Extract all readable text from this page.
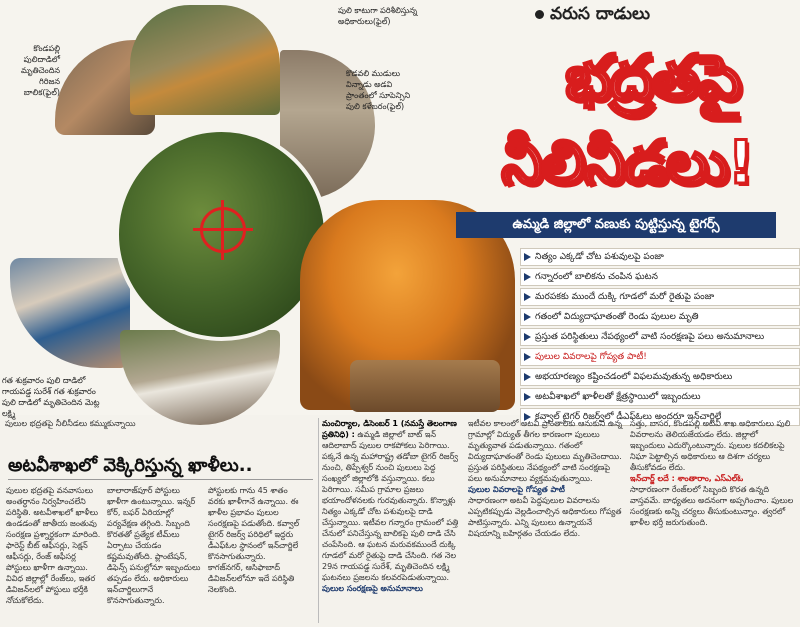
కొండపల్లి పులిదాడిలో మృతిచెందిన గిరిజన బాలిక(ఫైల్)
పులి కాటుగా పరిశీలిస్తున్న అధికారులు(ఫైల్)
కొడవలి ముడులు విన్నాడు అడవి ప్రాంతంలో సూపెన్సిని పులి కళేబరం(ఫైల్)
గత శుక్రవారం పులి దాడిలో గాయపడ్డ సురేశ్ గత శుక్రవారం పులి దాడిలో మృతిచెందిన మెట్ల లక్ష్మి
వరుస దాడులు
భద్రతపై
నీలినీడలు!
ఉమ్మడి జిల్లాలో వణుకు పుట్టిస్తున్న టైగర్స్
నిత్యం ఎక్కడో చోట పశువులపై పంజా
గన్నారంలో బాలికను చంపిన ఘటన
మరపకకు ముందే దుక్కి గూడలో మరో రైతుపై పంజా
గతంలో విద్యుదాఘాతంతో రెండు పులుల మృతి
ప్రస్తుత పరిస్థితులు నేపథ్యంలో వాటి సంరక్షణపై పలు అనుమానాలు
పులుల వివరాలపై గోప్యత పాటీ!
అభయారణ్యం కష్టించడంలో విఫలమవుతున్న అధికారులు
అటవీశాఖలో ఖాళీలతో క్షేత్రస్థాయిలో ఇబ్బందులు
కవ్వాల్ టైగర్ రిజర్వ్‌లో డీఎఫ్‌ఓలు అందరూ ఇన్‌చార్జిలే
పులుల భద్రతపై నీలినీడలు కమ్ముకున్నాయి
అటవీశాఖలో వెక్కిరిస్తున్న ఖాళీలు..
పులుల భద్రతపై వనవాసులు అంతర్ధానం నిర్వహించలేని పరిస్థితి. అటవీశాఖలో ఖాళీలు ఉండడంతో జాతీయ జంతువు సంరక్షణ ప్రశ్నార్థకంగా మారింది. ఫారెస్ట్ బీట్ ఆఫీసర్లు, సెక్షన్ ఆఫీసర్లు, రేంజ్ ఆఫీసర్ల పోస్టులు ఖాళీగా ఉన్నాయి. వివిధ జిల్లాల్లో రేంజ్‌లు, ఇతర డివిజన్‌లలో పోస్టులు భర్తీకి నోచుకోలేదు.
బాలారాజ్‌పూర్ పోస్టులు ఖాళీగా ఉంటున్నాయి. ఇన్నర్ కోర్, బఫర్ ఏరియాల్లో పర్యవేక్షణ తగ్గింది. సిబ్బంది కొరతతో ప్రత్యేక టీమ్‌లు ఏర్పాటు చేయడం కష్టమవుతోంది. ప్లాంటేషన్, డిఫెన్స్ పనుల్లోనూ ఇబ్బందులు తప్పడం లేదు. అధికారులు ఇన్‌చార్జిలుగానే కొనసాగుతున్నారు.
పోస్టులకు గాను 45 శాతం వరకు ఖాళీగానే ఉన్నాయి. ఈ ఖాళీల ప్రభావం పులుల సంరక్షణపై పడుతోంది. కవ్వాల్ టైగర్ రిజర్వ్ పరిధిలో ఇద్దరు డీఎఫ్‌ఓల స్థానంలో ఇన్‌చార్జిలే కొనసాగుతున్నారు. కాగజ్‌నగర్, ఆసిఫాబాద్ డివిజన్‌లలోనూ ఇదే పరిస్థితి నెలకొంది.
మంచిర్యాల, డిసెంబర్ 1 (నమస్తే తెలంగాణ ప్రతినిధి) : ఉమ్మడి జిల్లాలో బాట్ ఇన్ ఆదిలాబాద్ పులుల రాకపోకలు పెరిగాయి. పక్కనే ఉన్న మహారాష్ట్ర తడోబా టైగర్ రిజర్వ్ నుంచి, తిప్పేశ్వర్ నుంచి పులులు పెద్ద సంఖ్యలో జిల్లాలోకి వస్తున్నాయి. కలు పెరిగాయి. సమీప గ్రామాల ప్రజలు భయాందోళనలకు గురవుతున్నారు. కొన్నాళ్లు నిత్యం ఎక్కడో చోట పశువులపై దాడి చేస్తున్నాయి. ఇటీవల గన్నారం గ్రామంలో పత్తి చేనులో పనిచేస్తున్న బాలికపై పులి దాడి చేసి చంపేసింది. ఆ ఘటన మరువకముందే దుక్కి గూడలో మరో రైతుపై దాడి చేసింది. గత నెల 29న గాయపడ్డ సురేశ్, మృతిచెందిన లక్ష్మి ఘటనలు ప్రజలను కలవరపెడుతున్నాయి.
పులుల సంరక్షణపై అనుమానాలు
ఇటీవల కాలంలో అటవీ ప్రాంతాలకు ఆనుకుని ఉన్న గ్రామాల్లో విద్యుత్ తీగల కారణంగా పులులు మృత్యువాత పడుతున్నాయి. గతంలో విద్యుదాఘాతంతో రెండు పులులు మృతిచెందాయి. ప్రస్తుత పరిస్థితులు నేపథ్యంలో వాటి సంరక్షణపై పలు అనుమానాలు వ్యక్తమవుతున్నాయి.
పులుల వివరాలపై గోప్యత పాటీ
సాధారణంగా అటవీ పెద్దపులుల వివరాలను ఎప్పటికప్పుడు వెల్లడించాల్సిన అధికారులు గోప్యత పాటిస్తున్నారు. ఎన్ని పులులు ఉన్నాయనే విషయాన్ని బహిర్గతం చేయడం లేదు.
సత్తు, బాసర, కొండపల్లి అటవీ శాఖ అధికారులు పులి వివరాలను తెలియజేయడం లేదు. జిల్లాలో ఇబ్బందులు ఎదుర్కొంటున్నారు. పులుల కదలికలపై నిఘా పెట్టాల్సిన అధికారులు ఆ దిశగా చర్యలు తీసుకోవడం లేదు.
ఇన్‌చార్జ్ లదే : శాంతారాం, ఎస్ఎల్ఓ
సాధారణంగా రేంజ్‌లలో సిబ్బంది కొరత ఉన్నది వాస్తవమే. బాధ్యతలు అదనంగా అప్పగించాం. పులుల సంరక్షణకు అన్ని చర్యలు తీసుకుంటున్నాం. త్వరలో ఖాళీల భర్తీ జరుగుతుంది.
